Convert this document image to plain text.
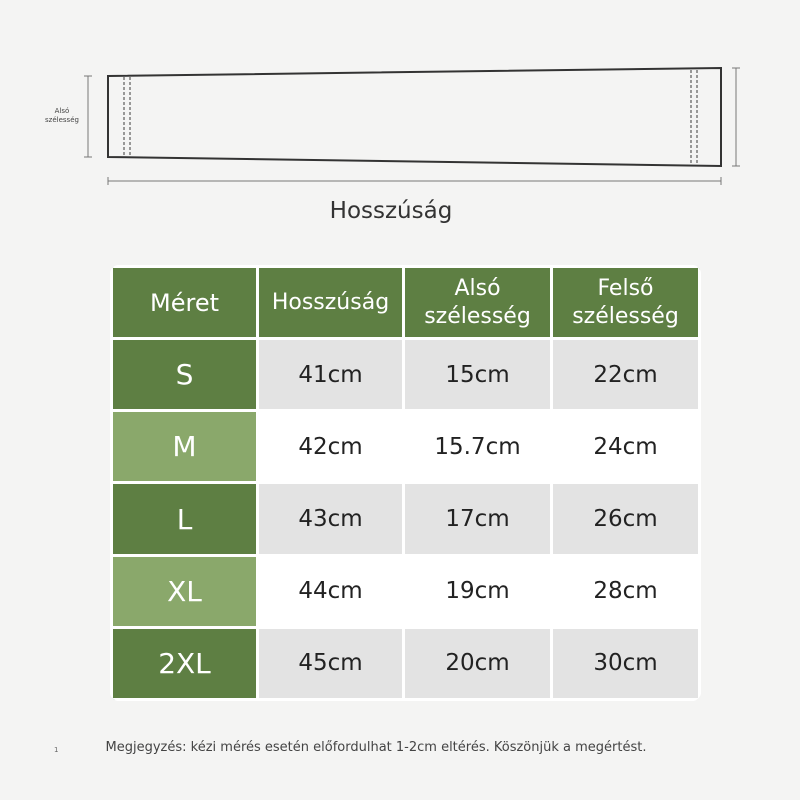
Alsó szélesség
Hosszúság
Méret	Hosszúság	Alsó szélesség	Felső szélesség
S	41cm	15cm	22cm
M	42cm	15.7cm	24cm
L	43cm	17cm	26cm
XL	44cm	19cm	28cm
2XL	45cm	20cm	30cm
1	Megjegyzés: kézi mérés esetén előfordulhat 1-2cm eltérés. Köszönjük a megértést.
